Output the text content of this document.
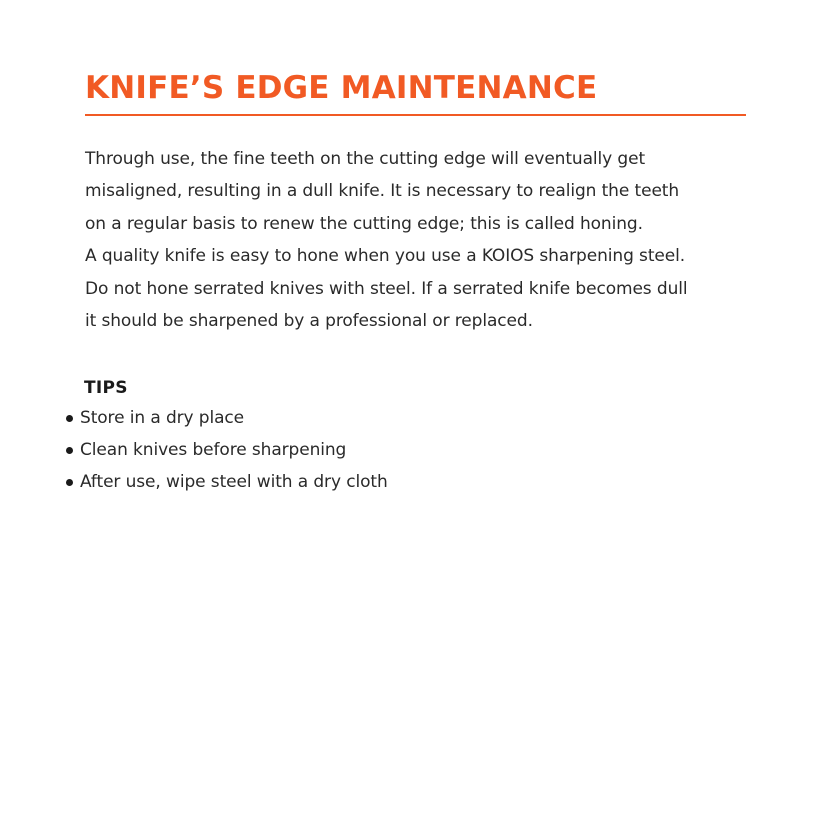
KNIFE’S EDGE MAINTENANCE
Through use, the fine teeth on the cutting edge will eventually get
misaligned, resulting in a dull knife. It is necessary to realign the teeth
on a regular basis to renew the cutting edge; this is called honing.
A quality knife is easy to hone when you use a KOIOS sharpening steel.
Do not hone serrated knives with steel. If a serrated knife becomes dull
it should be sharpened by a professional or replaced.
TIPS
Store in a dry place
Clean knives before sharpening
After use, wipe steel with a dry cloth
